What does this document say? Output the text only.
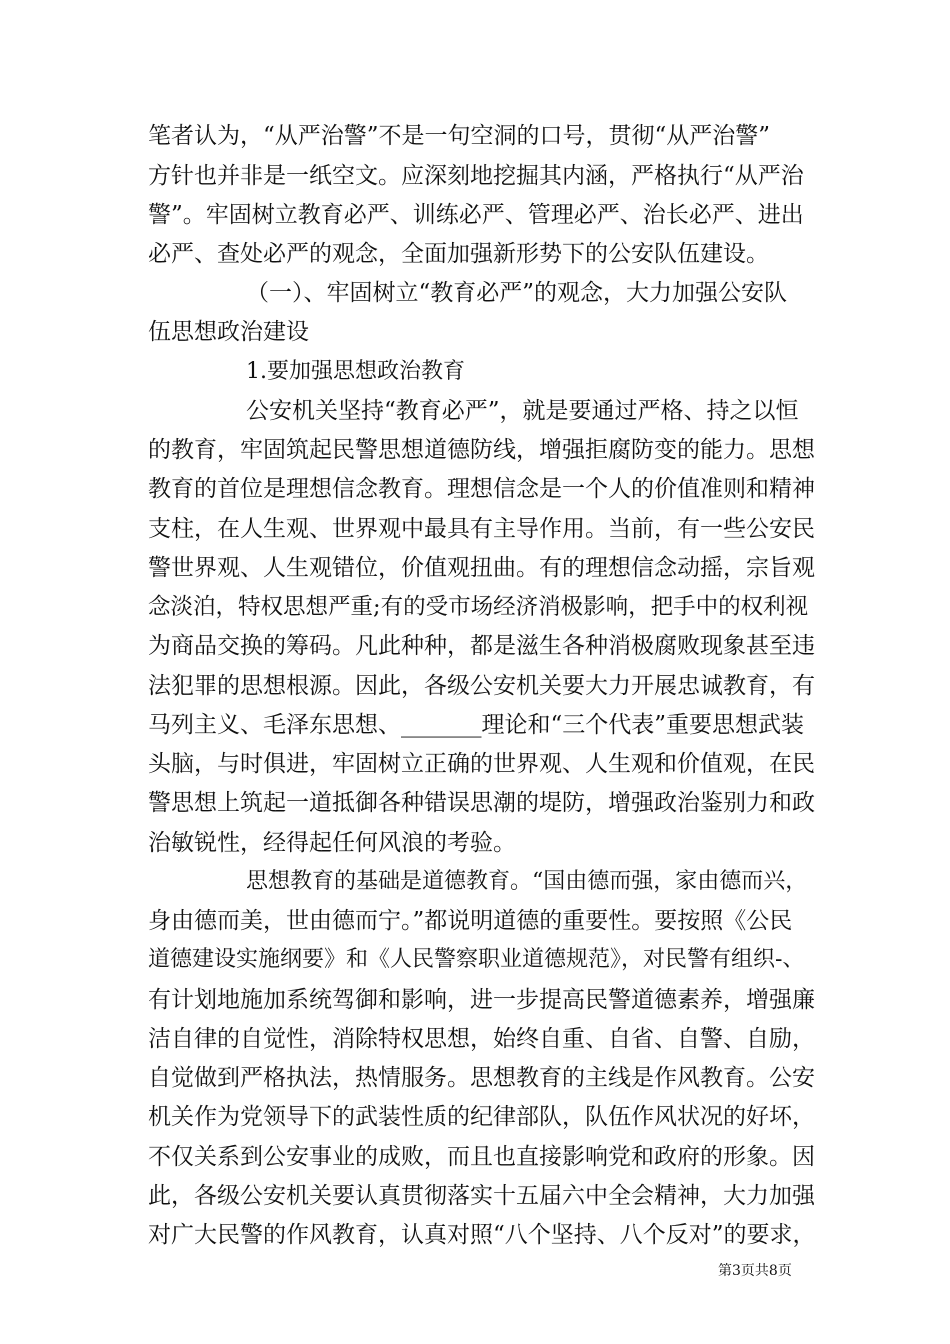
笔者认为，“从严治警”不是一句空洞的口号，贯彻“从严治警”
方针也并非是一纸空文。应深刻地挖掘其内涵，严格执行“从严治
警”。牢固树立教育必严、训练必严、管理必严、治长必严、进出
必严、查处必严的观念，全面加强新形势下的公安队伍建设。
（一）、牢固树立“教育必严”的观念，大力加强公安队
伍思想政治建设
1.要加强思想政治教育
公安机关坚持“教育必严”，就是要通过严格、持之以恒
的教育，牢固筑起民警思想道德防线，增强拒腐防变的能力。思想
教育的首位是理想信念教育。理想信念是一个人的价值准则和精神
支柱，在人生观、世界观中最具有主导作用。当前，有一些公安民
警世界观、人生观错位，价值观扭曲。有的理想信念动摇，宗旨观
念淡泊，特权思想严重;有的受市场经济消极影响，把手中的权利视
为商品交换的筹码。凡此种种，都是滋生各种消极腐败现象甚至违
法犯罪的思想根源。因此，各级公安机关要大力开展忠诚教育，有
马列主义、毛泽东思想、_______理论和“三个代表”重要思想武装
头脑，与时俱进，牢固树立正确的世界观、人生观和价值观，在民
警思想上筑起一道抵御各种错误思潮的堤防，增强政治鉴别力和政
治敏锐性，经得起任何风浪的考验。
思想教育的基础是道德教育。“国由德而强，家由德而兴，
身由德而美，世由德而宁。”都说明道德的重要性。要按照《公民
道德建设实施纲要》和《人民警察职业道德规范》，对民警有组织-、
有计划地施加系统驾御和影响，进一步提高民警道德素养，增强廉
洁自律的自觉性，消除特权思想，始终自重、自省、自警、自励，
自觉做到严格执法，热情服务。思想教育的主线是作风教育。公安
机关作为党领导下的武装性质的纪律部队，队伍作风状况的好坏，
不仅关系到公安事业的成败，而且也直接影响党和政府的形象。因
此，各级公安机关要认真贯彻落实十五届六中全会精神，大力加强
对广大民警的作风教育，认真对照“八个坚持、八个反对”的要求，
第3页共8页
